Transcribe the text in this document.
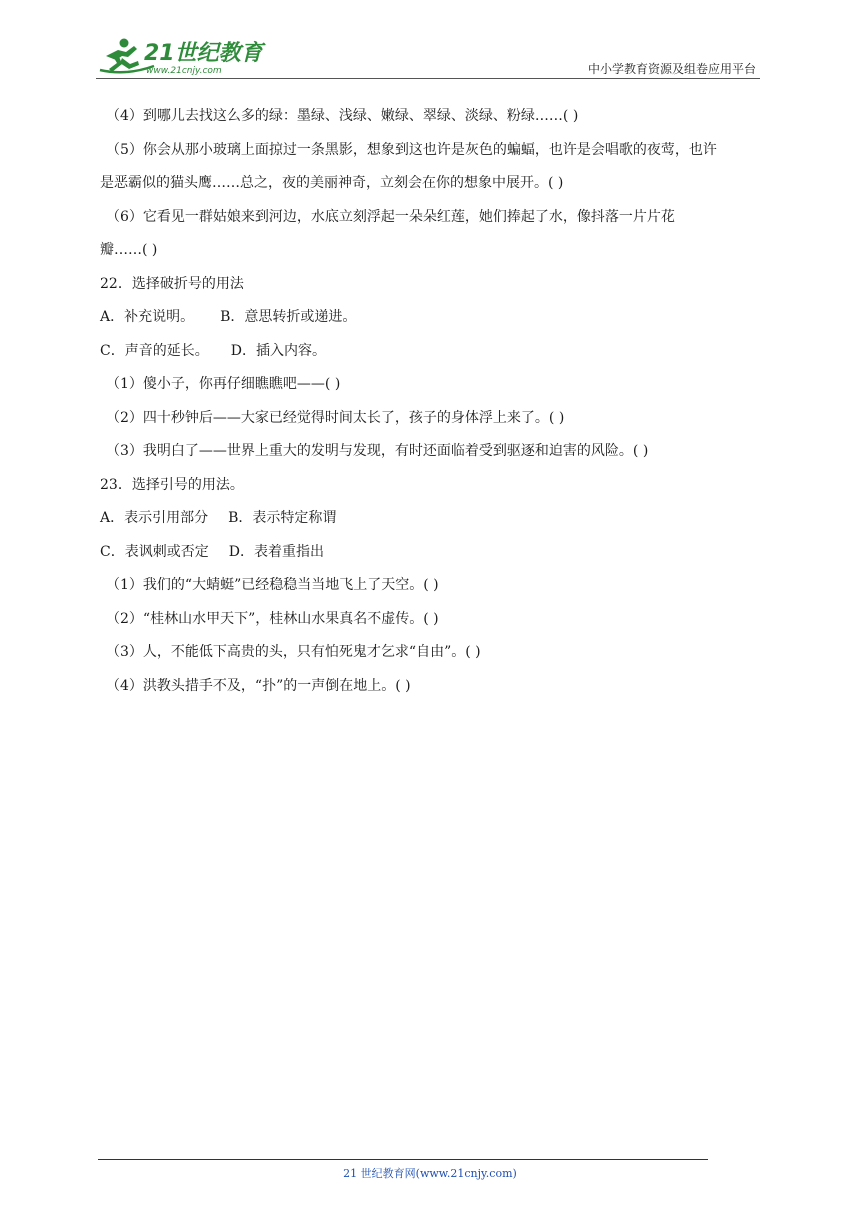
21世纪教育
www.21cnjy.com	中小学教育资源及组卷应用平台
（4）到哪儿去找这么多的绿：墨绿、浅绿、嫩绿、翠绿、淡绿、粉绿……( )
（5）你会从那小玻璃上面掠过一条黑影，想象到这也许是灰色的蝙蝠，也许是会唱歌的夜莺，也许
是恶霸似的猫头鹰……总之，夜的美丽神奇，立刻会在你的想象中展开。( )
（6）它看见一群姑娘来到河边，水底立刻浮起一朵朵红莲，她们捧起了水，像抖落一片片花
瓣……( )
22．选择破折号的用法
A．补充说明。 B．意思转折或递进。
C．声音的延长。 D．插入内容。
（1）傻小子，你再仔细瞧瞧吧——( )
（2）四十秒钟后——大家已经觉得时间太长了，孩子的身体浮上来了。( )
（3）我明白了——世界上重大的发明与发现，有时还面临着受到驱逐和迫害的风险。( )
23．选择引号的用法。
A．表示引用部分 B．表示特定称谓
C．表讽刺或否定 D．表着重指出
（1）我们的“大蜻蜓”已经稳稳当当地飞上了天空。( )
（2）“桂林山水甲天下”，桂林山水果真名不虚传。( )
（3）人，不能低下高贵的头，只有怕死鬼才乞求“自由”。( )
（4）洪教头措手不及，“扑”的一声倒在地上。( )
21 世纪教育网(www.21cnjy.com)
